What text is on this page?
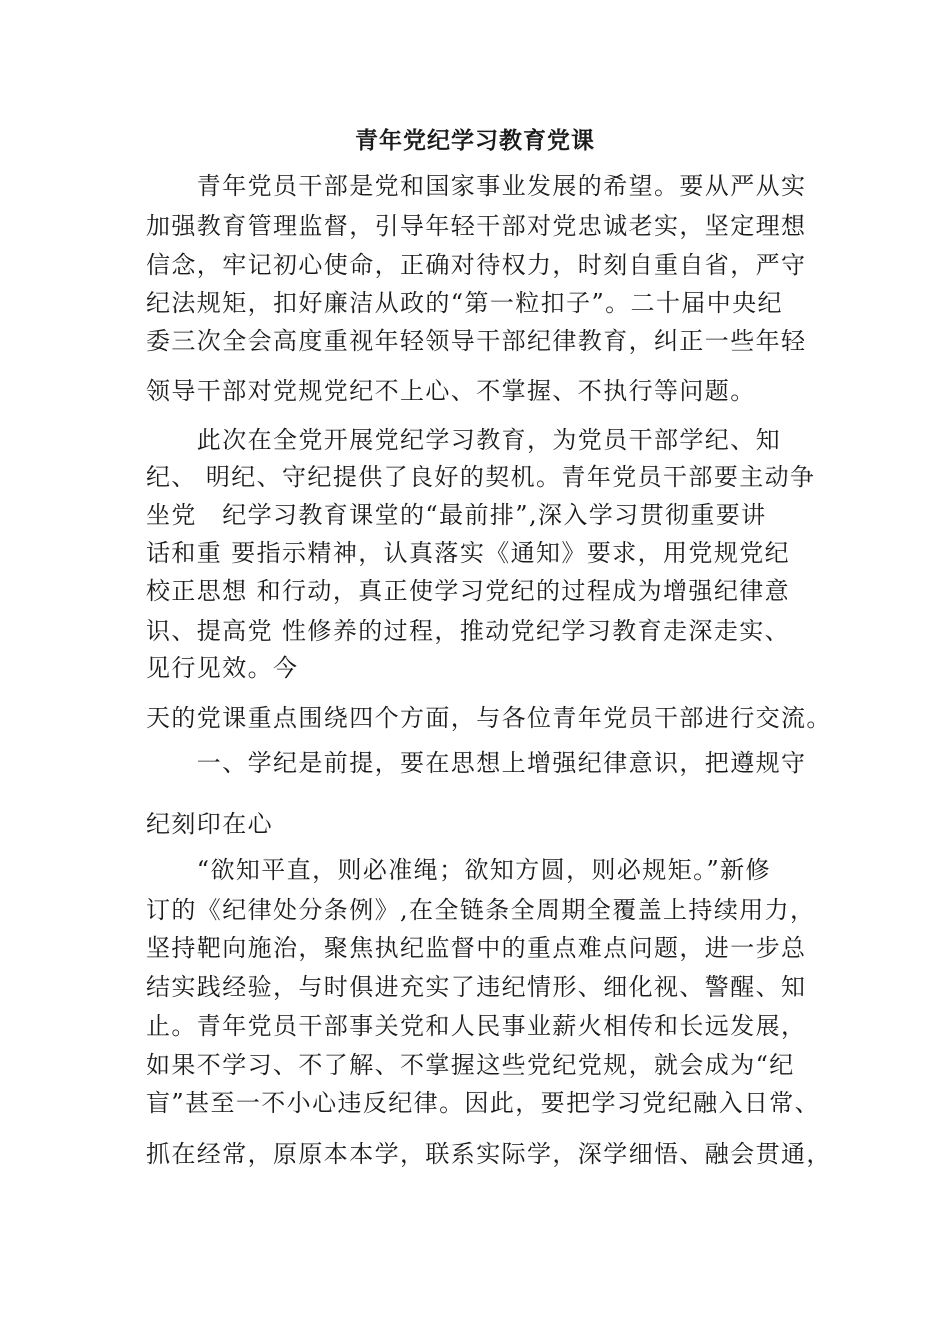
青年党纪学习教育党课
　　青年党员干部是党和国家事业发展的希望。要从严从实
加强教育管理监督，引导年轻干部对党忠诚老实，坚定理想
信念，牢记初心使命，正确对待权力，时刻自重自省，严守
纪法规矩，扣好廉洁从政的“第一粒扣子”。二十届中央纪
委三次全会高度重视年轻领导干部纪律教育，纠正一些年轻
领导干部对党规党纪不上心、不掌握、不执行等问题。
　　此次在全党开展党纪学习教育，为党员干部学纪、知
纪、 明纪、守纪提供了良好的契机。青年党员干部要主动争
坐党　纪学习教育课堂的“最前排”,深入学习贯彻重要讲
话和重 要指示精神，认真落实《通知》要求，用党规党纪
校正思想 和行动，真正使学习党纪的过程成为增强纪律意
识、提高党 性修养的过程，推动党纪学习教育走深走实、
见行见效。今
天的党课重点围绕四个方面，与各位青年党员干部进行交流。
　　一、学纪是前提，要在思想上增强纪律意识，把遵规守
纪刻印在心
　　“欲知平直，则必准绳；欲知方圆，则必规矩。”新修
订的《纪律处分条例》,在全链条全周期全覆盖上持续用力，
坚持靶向施治，聚焦执纪监督中的重点难点问题，进一步总
结实践经验，与时俱进充实了违纪情形、细化视、警醒、知
止。青年党员干部事关党和人民事业薪火相传和长远发展，
如果不学习、不了解、不掌握这些党纪党规，就会成为“纪
盲”甚至一不小心违反纪律。因此，要把学习党纪融入日常、
抓在经常，原原本本学，联系实际学，深学细悟、融会贯通，
